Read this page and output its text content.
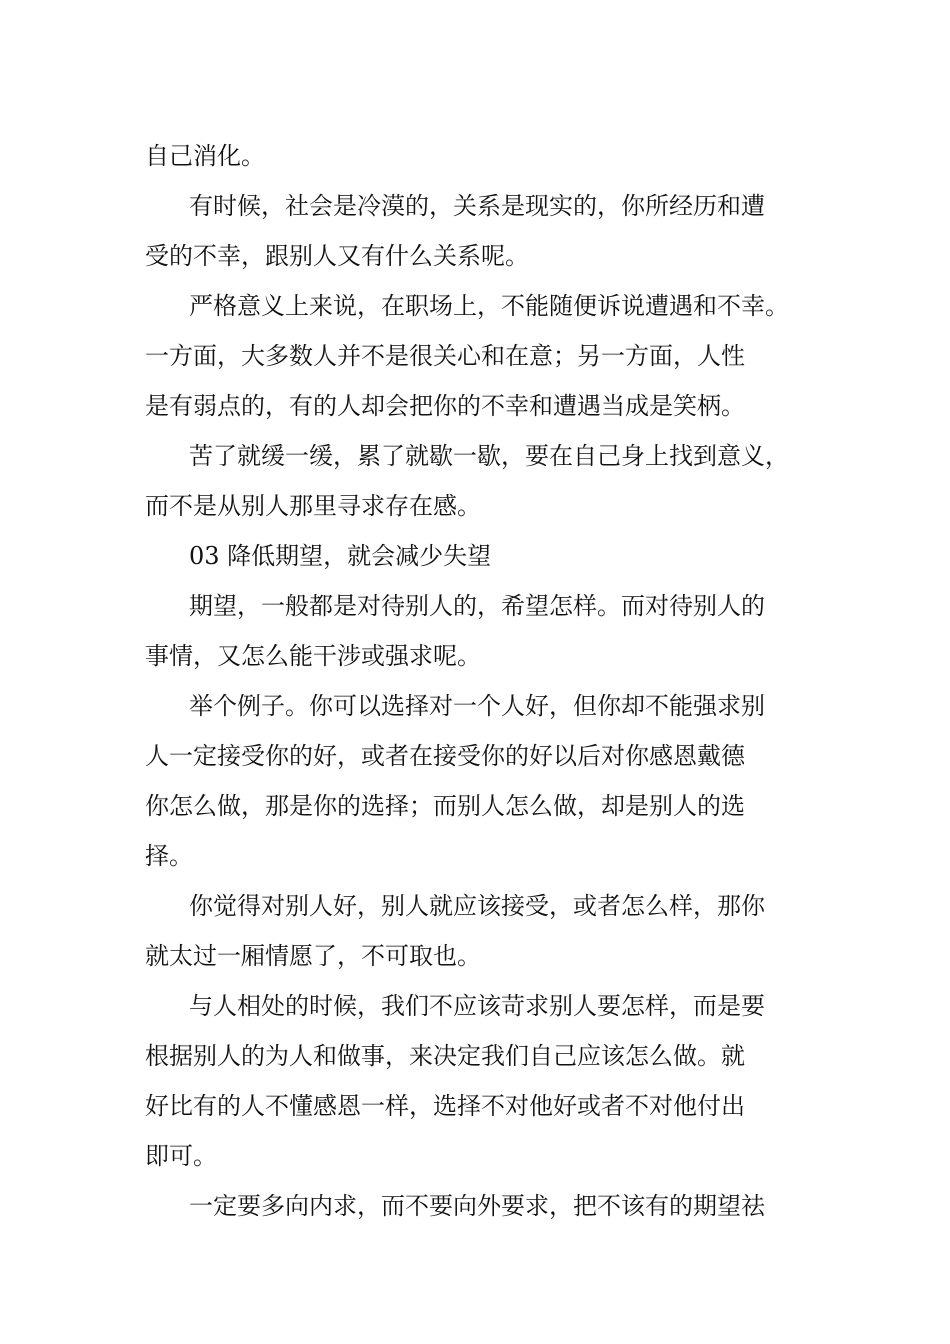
自己消化。
有时候，社会是冷漠的，关系是现实的，你所经历和遭
受的不幸，跟别人又有什么关系呢。
严格意义上来说，在职场上，不能随便诉说遭遇和不幸。
一方面，大多数人并不是很关心和在意；另一方面，人性
是有弱点的，有的人却会把你的不幸和遭遇当成是笑柄。
苦了就缓一缓，累了就歇一歇，要在自己身上找到意义，
而不是从别人那里寻求存在感。
03 降低期望，就会减少失望
期望，一般都是对待别人的，希望怎样。而对待别人的
事情，又怎么能干涉或强求呢。
举个例子。你可以选择对一个人好，但你却不能强求别
人一定接受你的好，或者在接受你的好以后对你感恩戴德
你怎么做，那是你的选择；而别人怎么做，却是别人的选
择。
你觉得对别人好，别人就应该接受，或者怎么样，那你
就太过一厢情愿了，不可取也。
与人相处的时候，我们不应该苛求别人要怎样，而是要
根据别人的为人和做事，来决定我们自己应该怎么做。就
好比有的人不懂感恩一样，选择不对他好或者不对他付出
即可。
一定要多向内求，而不要向外要求，把不该有的期望祛
